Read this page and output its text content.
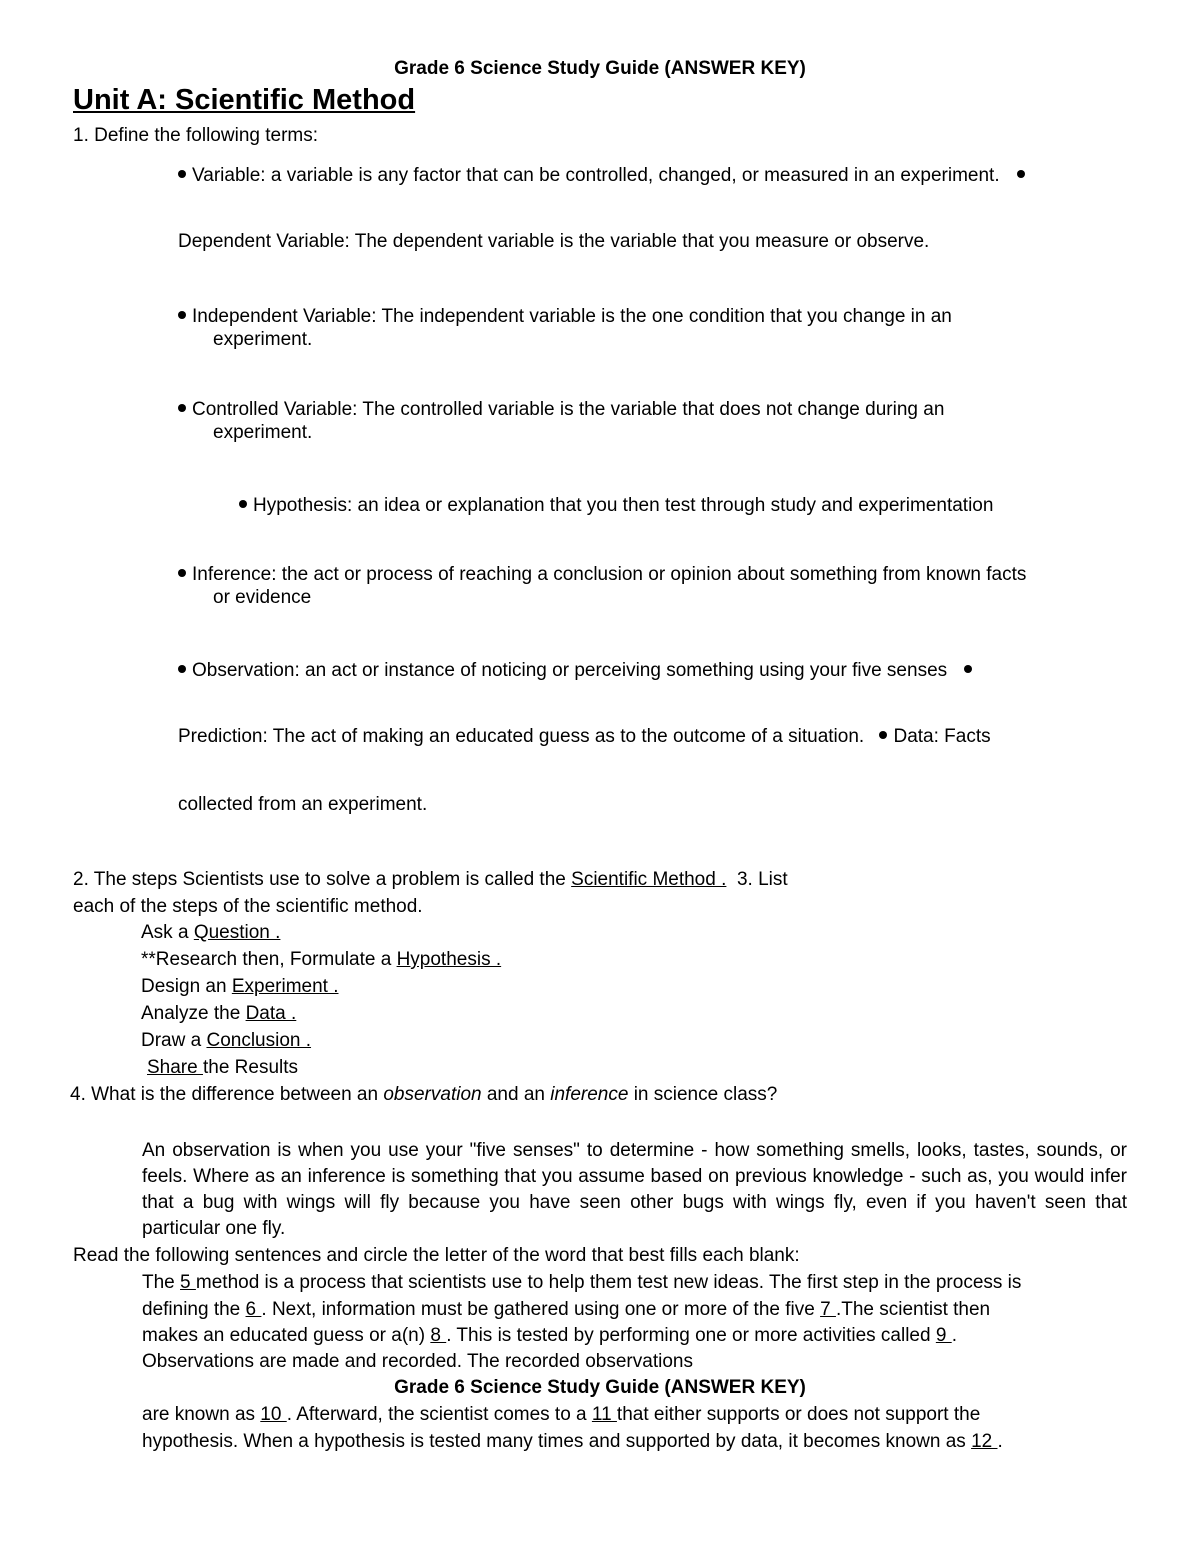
Grade 6 Science Study Guide (ANSWER KEY)
Unit A: Scientific Method
1. Define the following terms:
Variable: a variable is any factor that can be controlled, changed, or measured in an experiment.
Dependent Variable: The dependent variable is the variable that you measure or observe.
Independent Variable: The independent variable is the one condition that you change in an
experiment.
Controlled Variable: The controlled variable is the variable that does not change during an
experiment.
Hypothesis: an idea or explanation that you then test through study and experimentation
Inference: the act or process of reaching a conclusion or opinion about something from known facts
or evidence
Observation: an act or instance of noticing or perceiving something using your five senses
Prediction: The act of making an educated guess as to the outcome of a situation. Data: Facts
collected from an experiment.
2. The steps Scientists use to solve a problem is called the Scientific Method . 3. List
each of the steps of the scientific method.
Ask a Question .
**Research then, Formulate a Hypothesis .
Design an Experiment .
Analyze the Data .
Draw a Conclusion .
Share the Results
4. What is the difference between an observation and an inference in science class?
An observation is when you use your "five senses" to determine - how something smells, looks, tastes, sounds, or feels. Where as an inference is something that you assume based on previous knowledge - such as, you would infer that a bug with wings will fly because you have seen other bugs with wings fly, even if you haven't seen that particular one fly.
Read the following sentences and circle the letter of the word that best fills each blank:
The 5 method is a process that scientists use to help them test new ideas. The first step in the process is
defining the 6 . Next, information must be gathered using one or more of the five 7 .The scientist then
makes an educated guess or a(n) 8 . This is tested by performing one or more activities called 9 .
Observations are made and recorded. The recorded observations
Grade 6 Science Study Guide (ANSWER KEY)
are known as 10 . Afterward, the scientist comes to a 11 that either supports or does not support the
hypothesis. When a hypothesis is tested many times and supported by data, it becomes known as 12 .
